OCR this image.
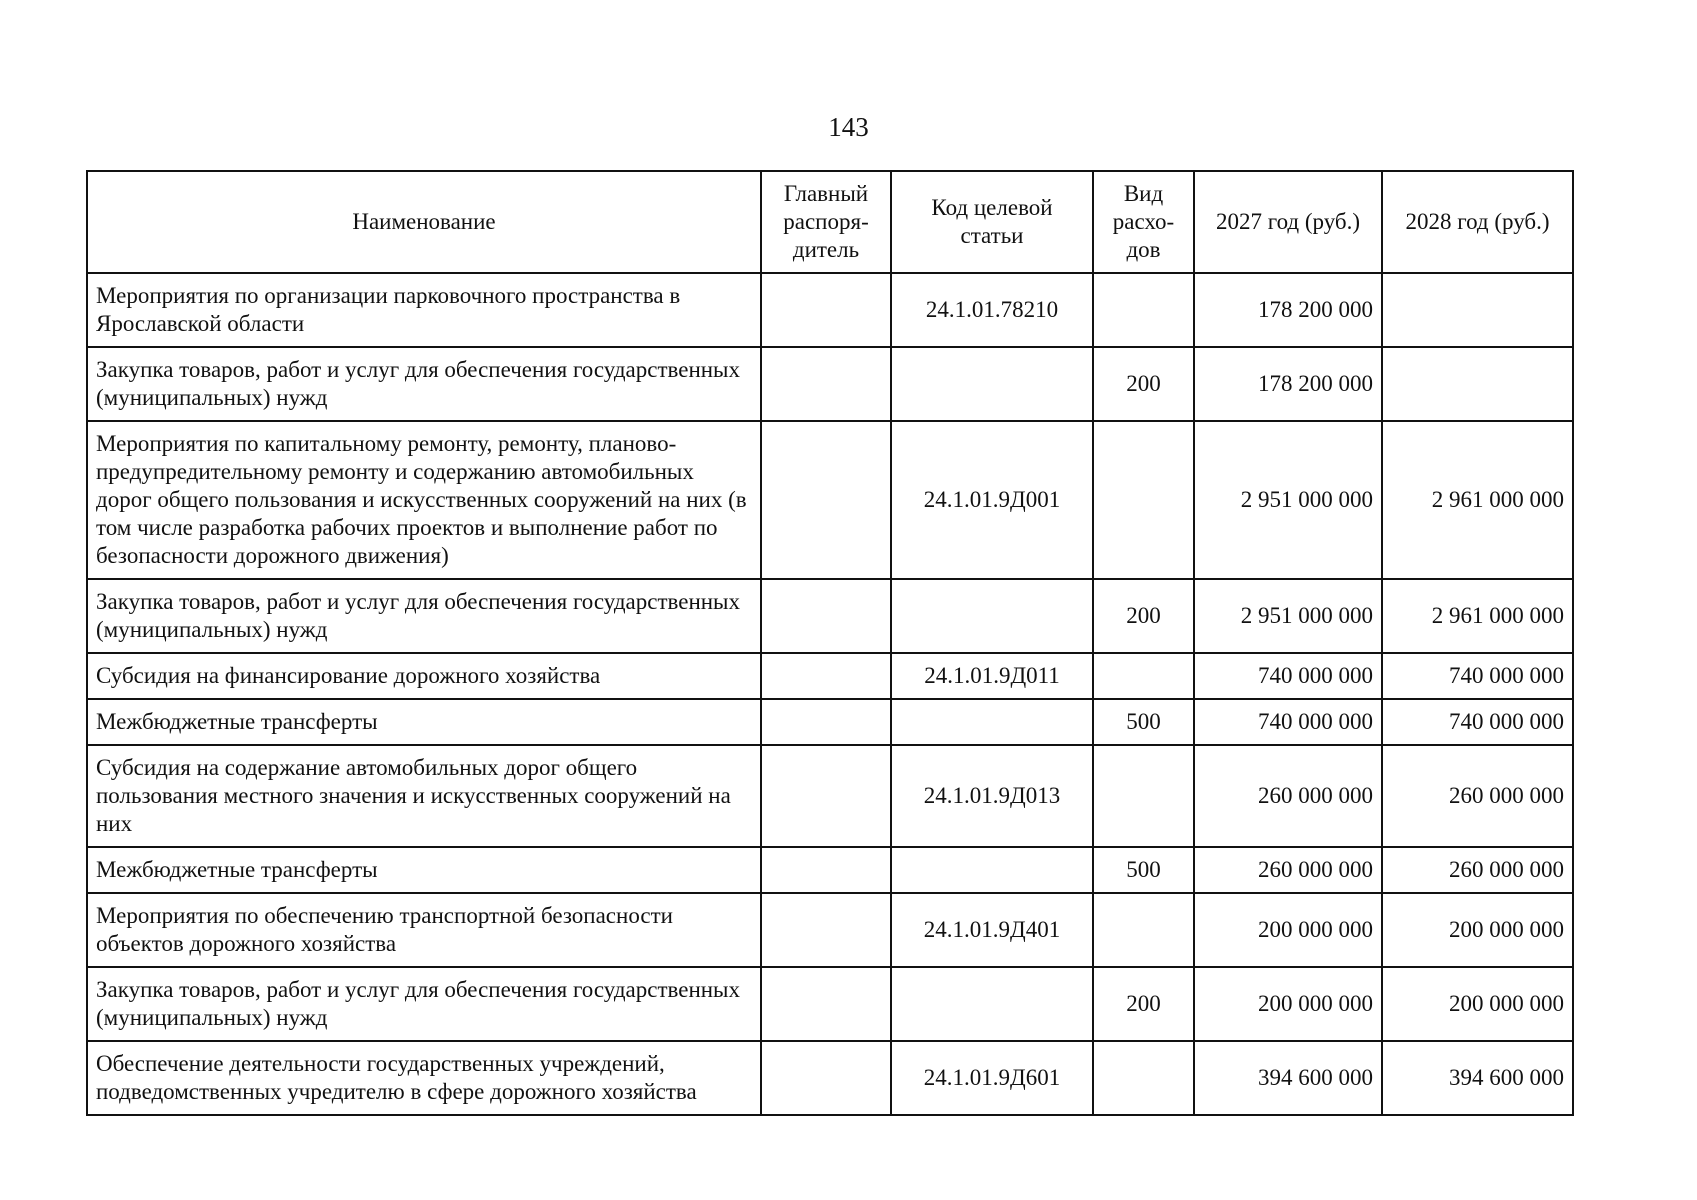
143
Наименование	Главный распоря-дитель	Код целевой статьи	Вид расхо-дов	2027 год (руб.)	2028 год (руб.)
Мероприятия по организации парковочного пространства в Ярославской области		24.1.01.78210		178 200 000	
Закупка товаров, работ и услуг для обеспечения государственных (муниципальных) нужд			200	178 200 000	
Мероприятия по капитальному ремонту, ремонту, планово-предупредительному ремонту и содержанию автомобильных дорог общего пользования и искусственных сооружений на них (в том числе разработка рабочих проектов и выполнение работ по безопасности дорожного движения)		24.1.01.9Д001		2 951 000 000	2 961 000 000
Закупка товаров, работ и услуг для обеспечения государственных (муниципальных) нужд			200	2 951 000 000	2 961 000 000
Субсидия на финансирование дорожного хозяйства		24.1.01.9Д011		740 000 000	740 000 000
Межбюджетные трансферты			500	740 000 000	740 000 000
Субсидия на содержание автомобильных дорог общего пользования местного значения и искусственных сооружений на них		24.1.01.9Д013		260 000 000	260 000 000
Межбюджетные трансферты			500	260 000 000	260 000 000
Мероприятия по обеспечению транспортной безопасности объектов дорожного хозяйства		24.1.01.9Д401		200 000 000	200 000 000
Закупка товаров, работ и услуг для обеспечения государственных (муниципальных) нужд			200	200 000 000	200 000 000
Обеспечение деятельности государственных учреждений, подведомственных учредителю в сфере дорожного хозяйства		24.1.01.9Д601		394 600 000	394 600 000
